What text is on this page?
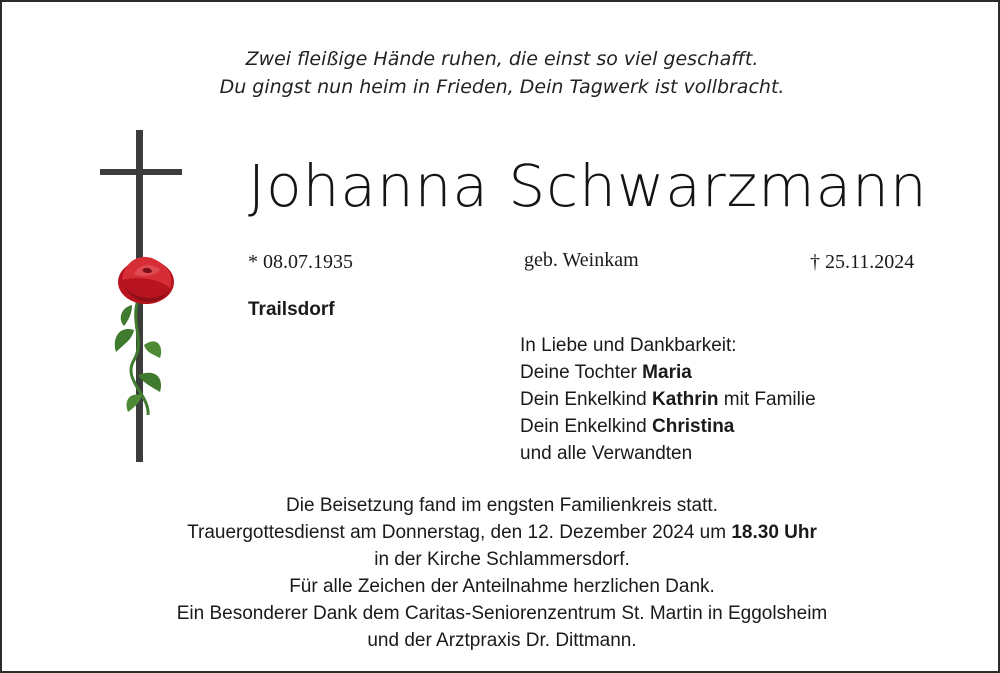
Zwei fleißige Hände ruhen, die einst so viel geschafft.
Du gingst nun heim in Frieden, Dein Tagwerk ist vollbracht.
Johanna Schwarzmann
* 08.07.1935	geb. Weinkam	† 25.11.2024
Trailsdorf
In Liebe und Dankbarkeit:
Deine Tochter Maria
Dein Enkelkind Kathrin mit Familie
Dein Enkelkind Christina
und alle Verwandten
Die Beisetzung fand im engsten Familienkreis statt.
Trauergottesdienst am Donnerstag, den 12. Dezember 2024 um 18.30 Uhr
in der Kirche Schlammersdorf.
Für alle Zeichen der Anteilnahme herzlichen Dank.
Ein Besonderer Dank dem Caritas-Seniorenzentrum St. Martin in Eggolsheim
und der Arztpraxis Dr. Dittmann.
